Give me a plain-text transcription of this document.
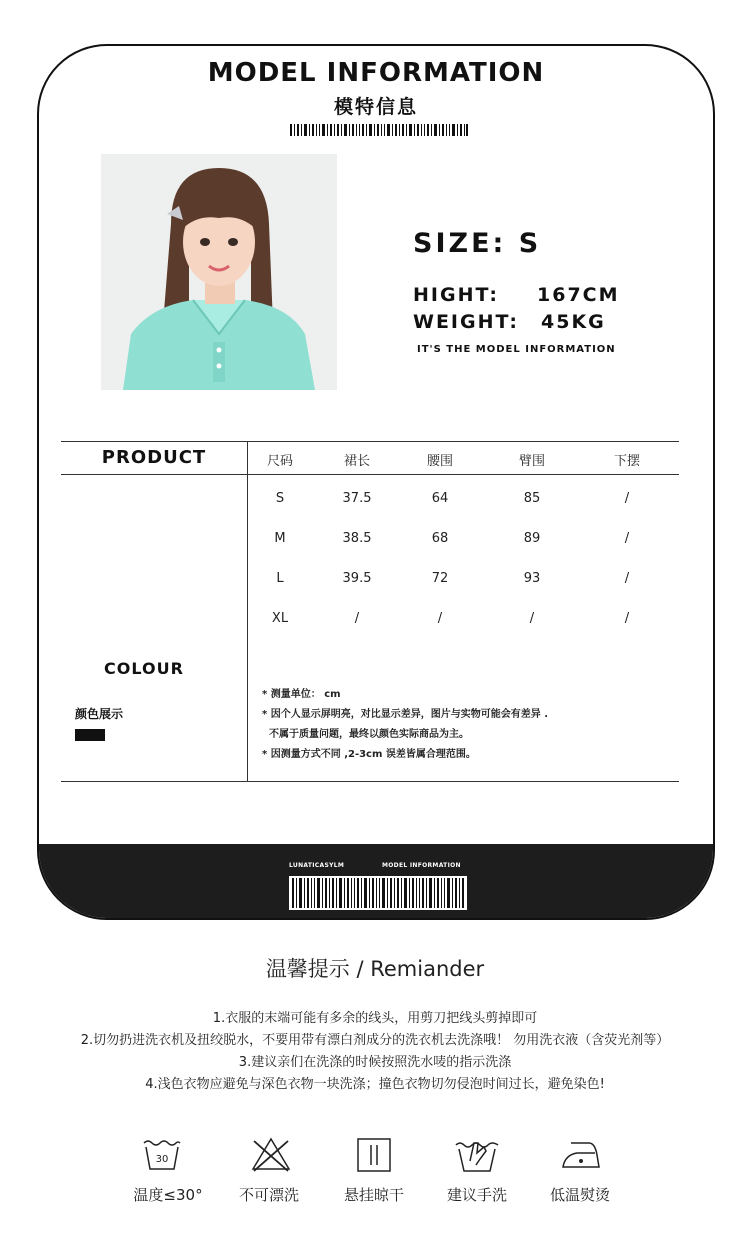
MODEL INFORMATION
模特信息
SIZE: S
HIGHT: 167CM
WEIGHT: 45KG
IT'S THE MODEL INFORMATION
PRODUCT	尺码	裙长	腰围	臂围	下摆
S	37.5	64	85	/
M	38.5	68	89	/
L	39.5	72	93	/
XL	/	/	/	/
COLOUR
颜色展示
* 测量单位： cm
* 因个人显示屏明亮，对比显示差异，图片与实物可能会有差异 .
不属于质量问题，最终以颜色实际商品为主。
* 因测量方式不同 ,2-3cm 误差皆属合理范围。
LUNATICASYLM	MODEL INFORMATION
温馨提示 / Remiander
1.衣服的末端可能有多余的线头，用剪刀把线头剪掉即可
2.切勿扔进洗衣机及扭绞脱水，不要用带有漂白剂成分的洗衣机去洗涤哦！ 勿用洗衣液（含荧光剂等）
3.建议亲们在洗涤的时候按照洗水唛的指示洗涤
4.浅色衣物应避免与深色衣物一块洗涤；撞色衣物切勿侵泡时间过长，避免染色!
30
温度≤30° 不可漂洗	悬挂晾干	建议手洗	低温熨烫
